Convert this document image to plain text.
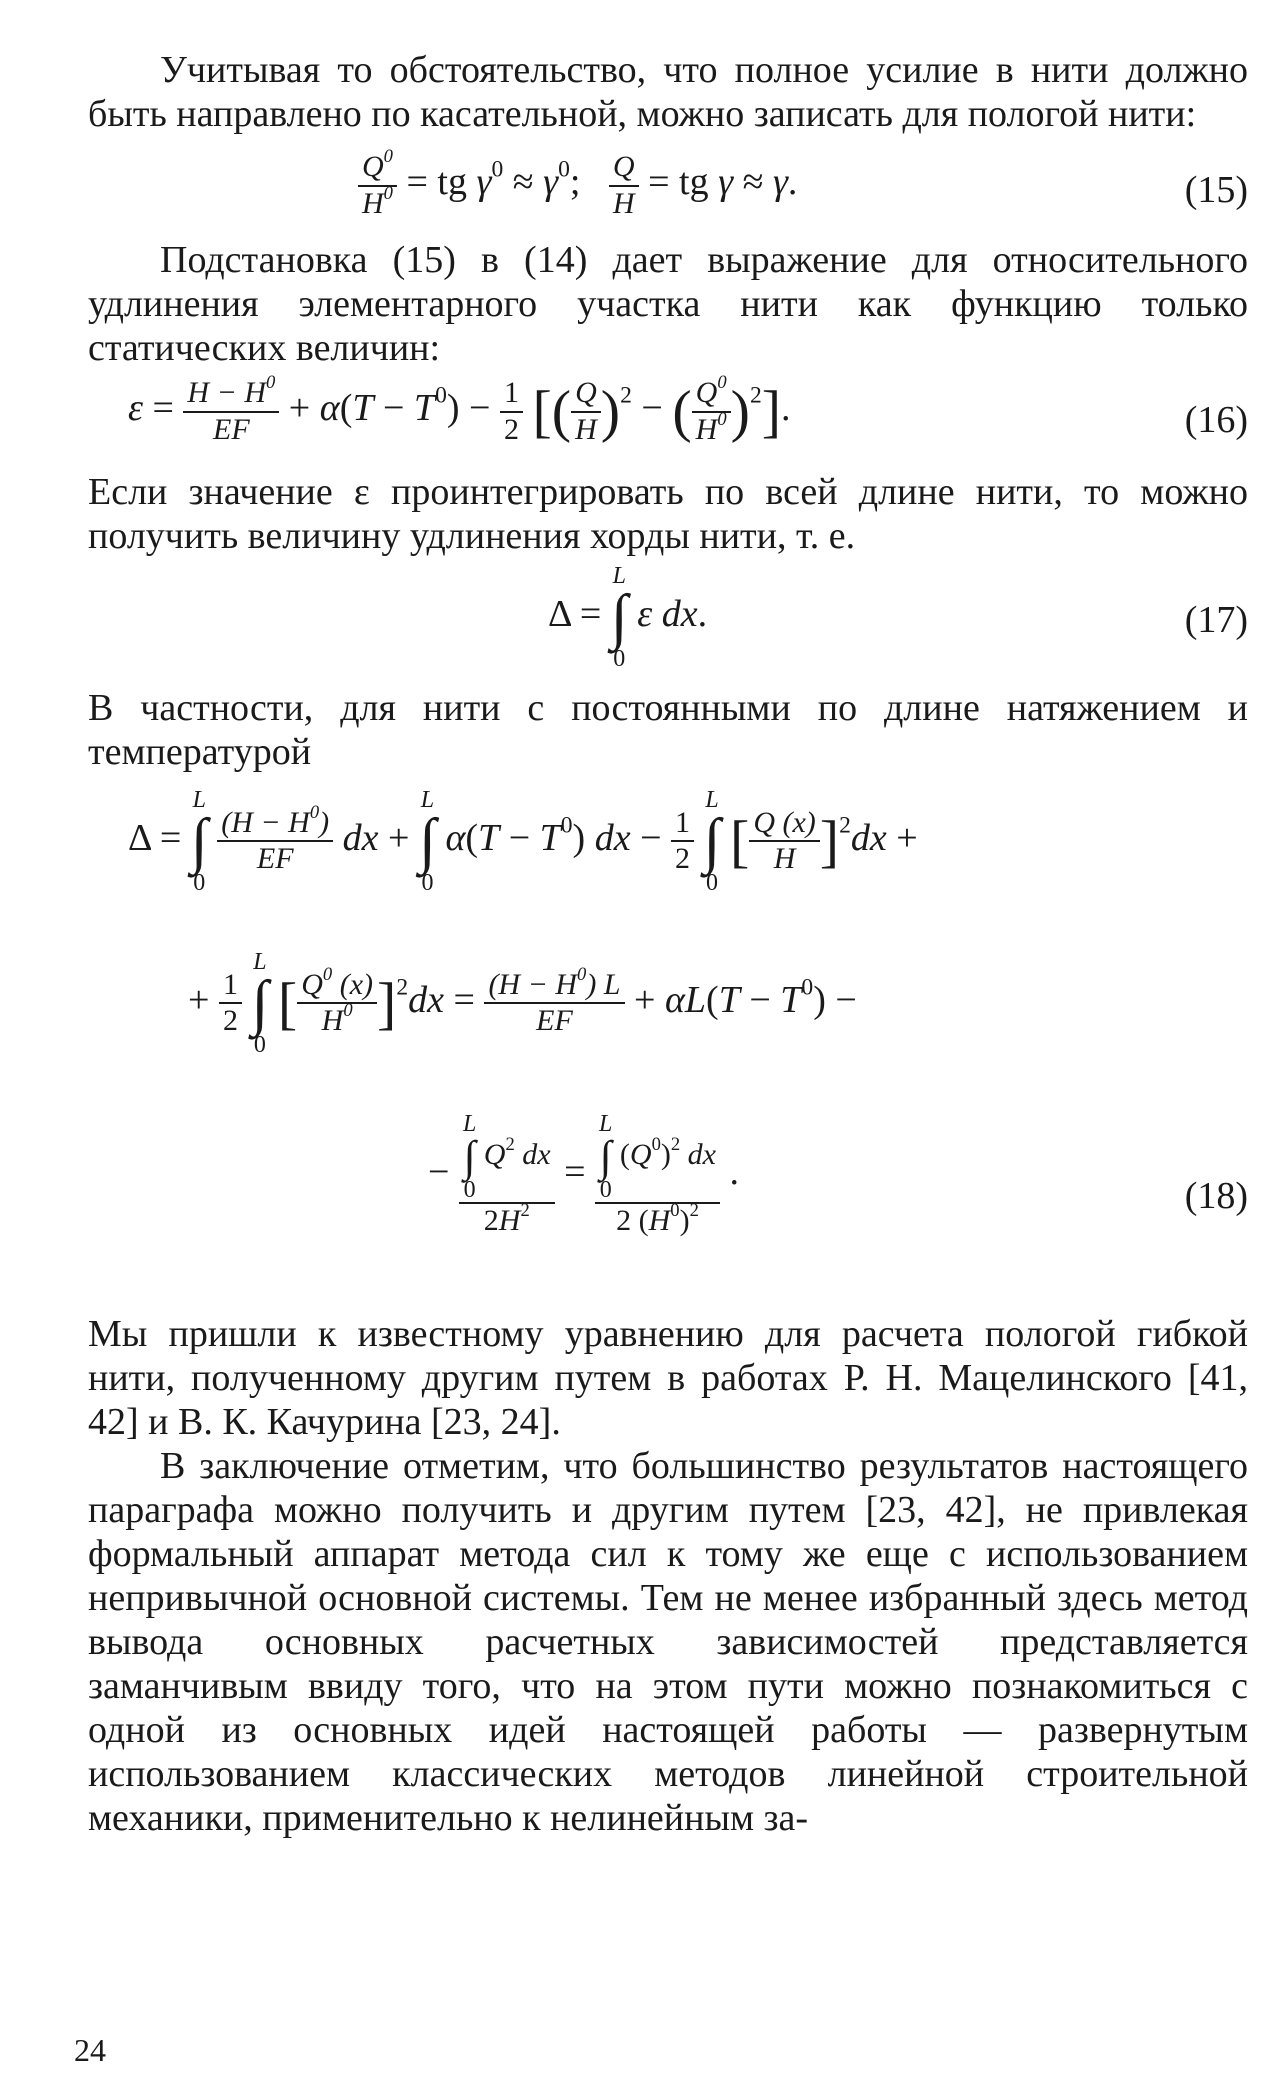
Учитывая то обстоятельство, что полное усилие в нити должно быть направлено по касательной, можно записать для пологой нити:

$\frac{Q^0}{H^0}$ = tg $\gamma^0 \approx \gamma^0$; $\frac{Q}{H}$ = tg γ ≈ γ.	(15)

Подстановка (15) в (14) дает выражение для относительного удлинения элементарного участка нити как функцию только статических величин:

$\varepsilon = \frac{H - H^0}{EF} + \alpha(T - T^0) - \frac{1}{2}$ [( $\frac{Q}{H} )^2$ − ( $\frac{Q^0}{H^0} )^2$].	(16)

Если значение ε проинтегрировать по всей длине нити, то можно получить величину удлинения хорды нити, т. е.

Δ =
L
∫
0
ε dx.	(17)

В частности, для нити с постоянными по длине натяжением и температурой

Δ =
L
∫
0

$\frac{(H - H^0)}{EF}$ dx +
L
∫
0
$\alpha(T - T^0)$ dx − $\frac{1}{2}$

L
∫
0
[ $\frac{Q (x)}{H} ]^2dx$ +
+ $\frac{1}{2}$

L
∫
0
[ $\frac{Q^0 (x)}{H^0} ]^2dx = \frac{(H - H^0) L}{EF} + \alpha L(T - T^0)$ −
− L
∫
0
$Q^2$ dx
$2H^2 = L$
∫
0
$(Q^0)^2$ dx
2 $(H^0)^2$ .
(18)

Мы пришли к известному уравнению для расчета пологой гибкой нити, полученному другим путем в работах Р. Н. Мацелинского [41, 42] и В. К. Качурина [23, 24].

В заключение отметим, что большинство результатов настоящего параграфа можно получить и другим путем [23, 42], не привлекая формальный аппарат метода сил к тому же еще с использованием непривычной основной системы. Тем не менее избранный здесь метод вывода основных расчетных зависимостей представляется заманчивым ввиду того, что на этом пути можно познакомиться с одной из основных идей настоящей работы — развернутым использованием классических методов линейной строительной механики, применительно к нелинейным за-

24
